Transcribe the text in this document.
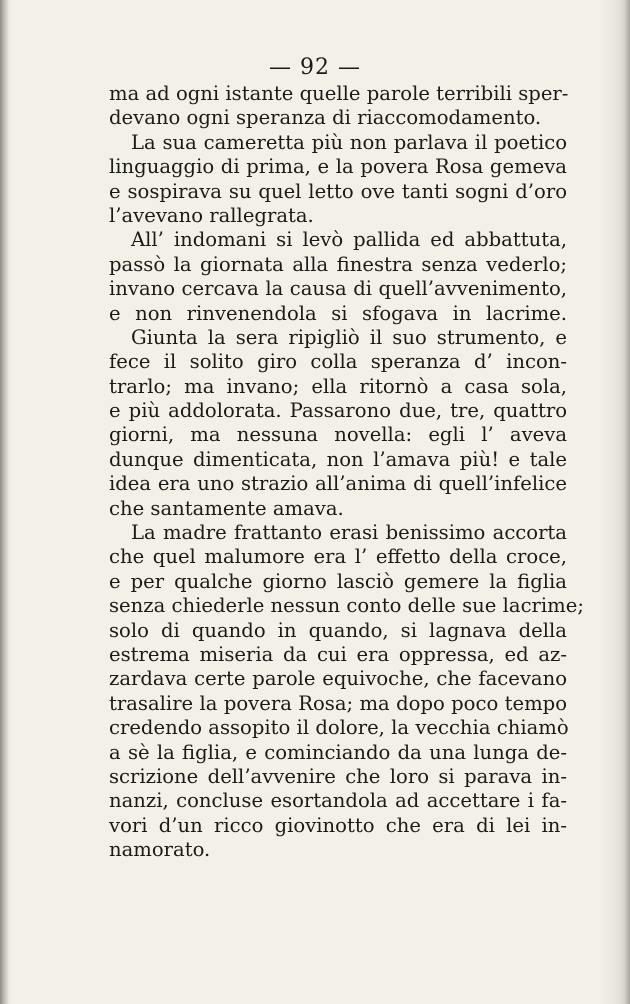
— 92 —
ma ad ogni istante quelle parole terribili sper-
devano ogni speranza di riaccomodamento.
La sua cameretta più non parlava il poetico
linguaggio di prima, e la povera Rosa gemeva
e sospirava su quel letto ove tanti sogni d’oro
l’avevano rallegrata.
All’ indomani si levò pallida ed abbattuta,
passò la giornata alla finestra senza vederlo;
invano cercava la causa di quell’avvenimento,
e non rinvenendola si sfogava in lacrime.
Giunta la sera ripigliò il suo strumento, e
fece il solito giro colla speranza d’ incon-
trarlo; ma invano; ella ritornò a casa sola,
e più addolorata. Passarono due, tre, quattro
giorni, ma nessuna novella: egli l’ aveva
dunque dimenticata, non l’amava più! e tale
idea era uno strazio all’anima di quell’infelice
che santamente amava.
La madre frattanto erasi benissimo accorta
che quel malumore era l’ effetto della croce,
e per qualche giorno lasciò gemere la figlia
senza chiederle nessun conto delle sue lacrime;
solo di quando in quando, si lagnava della
estrema miseria da cui era oppressa, ed az-
zardava certe parole equivoche, che facevano
trasalire la povera Rosa; ma dopo poco tempo
credendo assopito il dolore, la vecchia chiamò
a sè la figlia, e cominciando da una lunga de-
scrizione dell’avvenire che loro si parava in-
nanzi, concluse esortandola ad accettare i fa-
vori d’un ricco giovinotto che era di lei in-
namorato.
